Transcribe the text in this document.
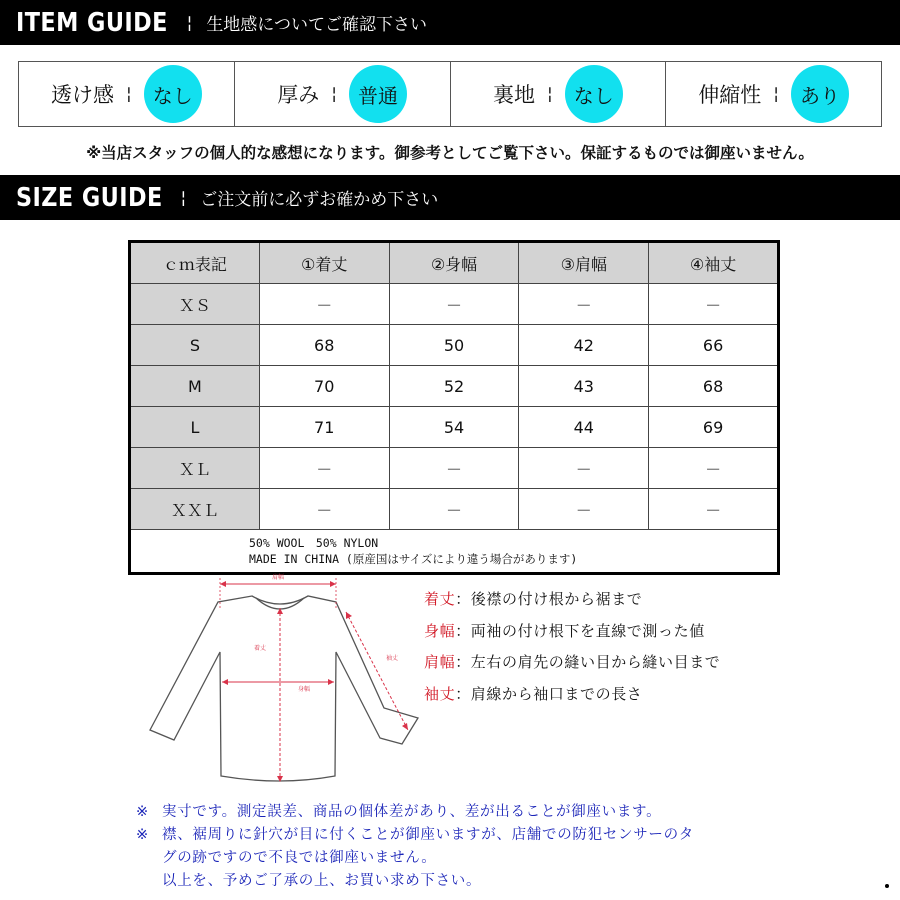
ITEM GUIDE ¦ 生地感についてご確認下さい
透け感 ¦	なし	厚み ¦	普通	裏地 ¦	なし	伸縮性 ¦	あり
※当店スタッフの個人的な感想になります。御参考としてご覧下さい。保証するものでは御座いません。
SIZE GUIDE ¦ ご注文前に必ずお確かめ下さい
ｃｍ表記	①着丈	②身幅	③肩幅	④袖丈
ＸＳ	－	－	－	－
S	68	50	42	66
M	70	52	43	68
L	71	54	44	69
ＸＬ	－	－	－	－
ＸＸＬ	－	－	－	－

50% WOOL　50% NYLON
MADE IN CHINA (原産国はサイズにより違う場合があります)				
肩幅
着丈
身幅
袖丈
着丈：後襟の付け根から裾まで
身幅：両袖の付け根下を直線で測った値
肩幅：左右の肩先の縫い目から縫い目まで
袖丈：肩線から袖口までの長さ
※ 実寸です。測定誤差、商品の個体差があり、差が出ることが御座います。
※ 襟、裾周りに針穴が目に付くことが御座いますが、店舗での防犯センサーのタ
グの跡ですので不良では御座いません。
以上を、予めご了承の上、お買い求め下さい。
